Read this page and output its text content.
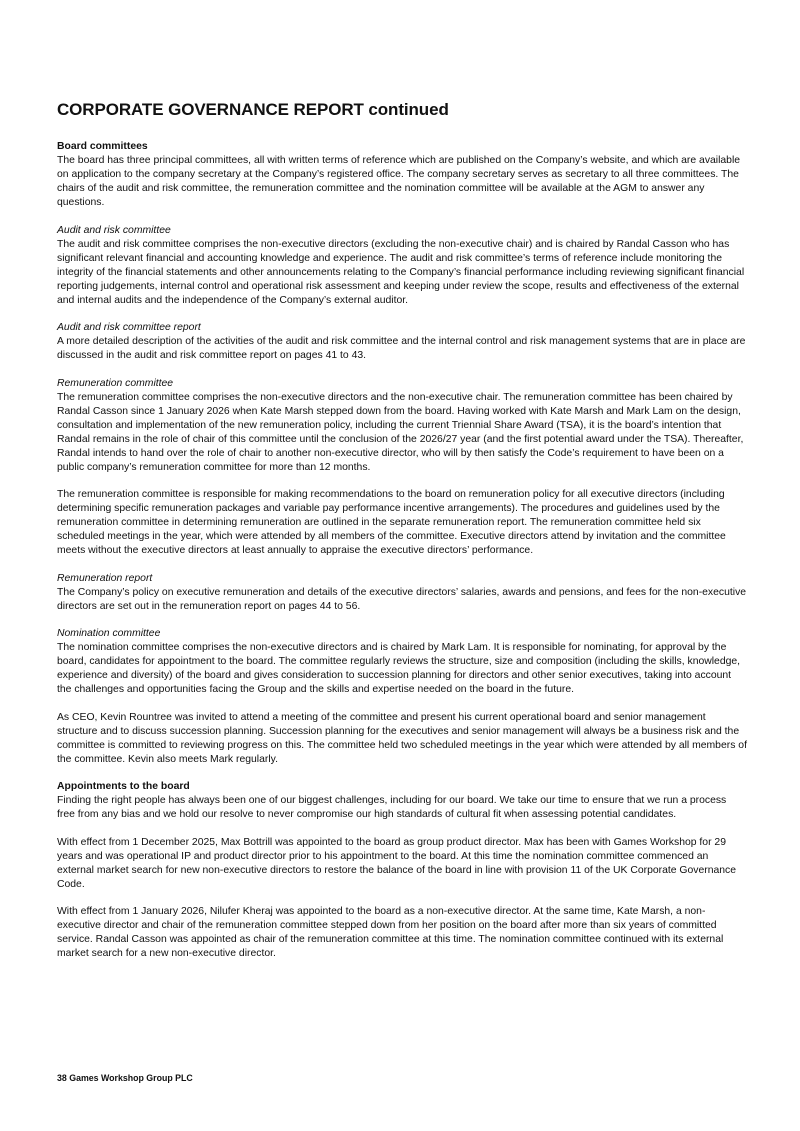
CORPORATE GOVERNANCE REPORT continued
Board committees

The board has three principal committees, all with written terms of reference which are published on the Company’s website, and which are available on application to the company secretary at the Company’s registered office. The company secretary serves as secretary to all three committees. The chairs of the audit and risk committee, the remuneration committee and the nomination committee will be available at the AGM to answer any questions.

Audit and risk committee

The audit and risk committee comprises the non-executive directors (excluding the non-executive chair) and is chaired by Randal Casson who has significant relevant financial and accounting knowledge and experience. The audit and risk committee’s terms of reference include monitoring the integrity of the financial statements and other announcements relating to the Company’s financial performance including reviewing significant financial reporting judgements, internal control and operational risk assessment and keeping under review the scope, results and effectiveness of the external and internal audits and the independence of the Company’s external auditor.

Audit and risk committee report

A more detailed description of the activities of the audit and risk committee and the internal control and risk management systems that are in place are discussed in the audit and risk committee report on pages 41 to 43.

Remuneration committee

The remuneration committee comprises the non-executive directors and the non-executive chair. The remuneration committee has been chaired by Randal Casson since 1 January 2026 when Kate Marsh stepped down from the board. Having worked with Kate Marsh and Mark Lam on the design, consultation and implementation of the new remuneration policy, including the current Triennial Share Award (TSA), it is the board’s intention that Randal remains in the role of chair of this committee until the conclusion of the 2026/27 year (and the first potential award under the TSA). Thereafter, Randal intends to hand over the role of chair to another non-executive director, who will by then satisfy the Code’s requirement to have been on a public company’s remuneration committee for more than 12 months.

The remuneration committee is responsible for making recommendations to the board on remuneration policy for all executive directors (including determining specific remuneration packages and variable pay performance incentive arrangements). The procedures and guidelines used by the remuneration committee in determining remuneration are outlined in the separate remuneration report. The remuneration committee held six scheduled meetings in the year, which were attended by all members of the committee. Executive directors attend by invitation and the committee meets without the executive directors at least annually to appraise the executive directors’ performance.

Remuneration report

The Company’s policy on executive remuneration and details of the executive directors’ salaries, awards and pensions, and fees for the non-executive directors are set out in the remuneration report on pages 44 to 56.

Nomination committee

The nomination committee comprises the non-executive directors and is chaired by Mark Lam. It is responsible for nominating, for approval by the board, candidates for appointment to the board. The committee regularly reviews the structure, size and composition (including the skills, knowledge, experience and diversity) of the board and gives consideration to succession planning for directors and other senior executives, taking into account the challenges and opportunities facing the Group and the skills and expertise needed on the board in the future.

As CEO, Kevin Rountree was invited to attend a meeting of the committee and present his current operational board and senior management structure and to discuss succession planning. Succession planning for the executives and senior management will always be a business risk and the committee is committed to reviewing progress on this. The committee held two scheduled meetings in the year which were attended by all members of the committee. Kevin also meets Mark regularly.

Appointments to the board

Finding the right people has always been one of our biggest challenges, including for our board. We take our time to ensure that we run a process free from any bias and we hold our resolve to never compromise our high standards of cultural fit when assessing potential candidates.

With effect from 1 December 2025, Max Bottrill was appointed to the board as group product director. Max has been with Games Workshop for 29 years and was operational IP and product director prior to his appointment to the board. At this time the nomination committee commenced an external market search for new non-executive directors to restore the balance of the board in line with provision 11 of the UK Corporate Governance Code.

With effect from 1 January 2026, Nilufer Kheraj was appointed to the board as a non-executive director. At the same time, Kate Marsh, a non-executive director and chair of the remuneration committee stepped down from her position on the board after more than six years of committed service. Randal Casson was appointed as chair of the remuneration committee at this time. The nomination committee continued with its external market search for a new non-executive director.

38 Games Workshop Group PLC
